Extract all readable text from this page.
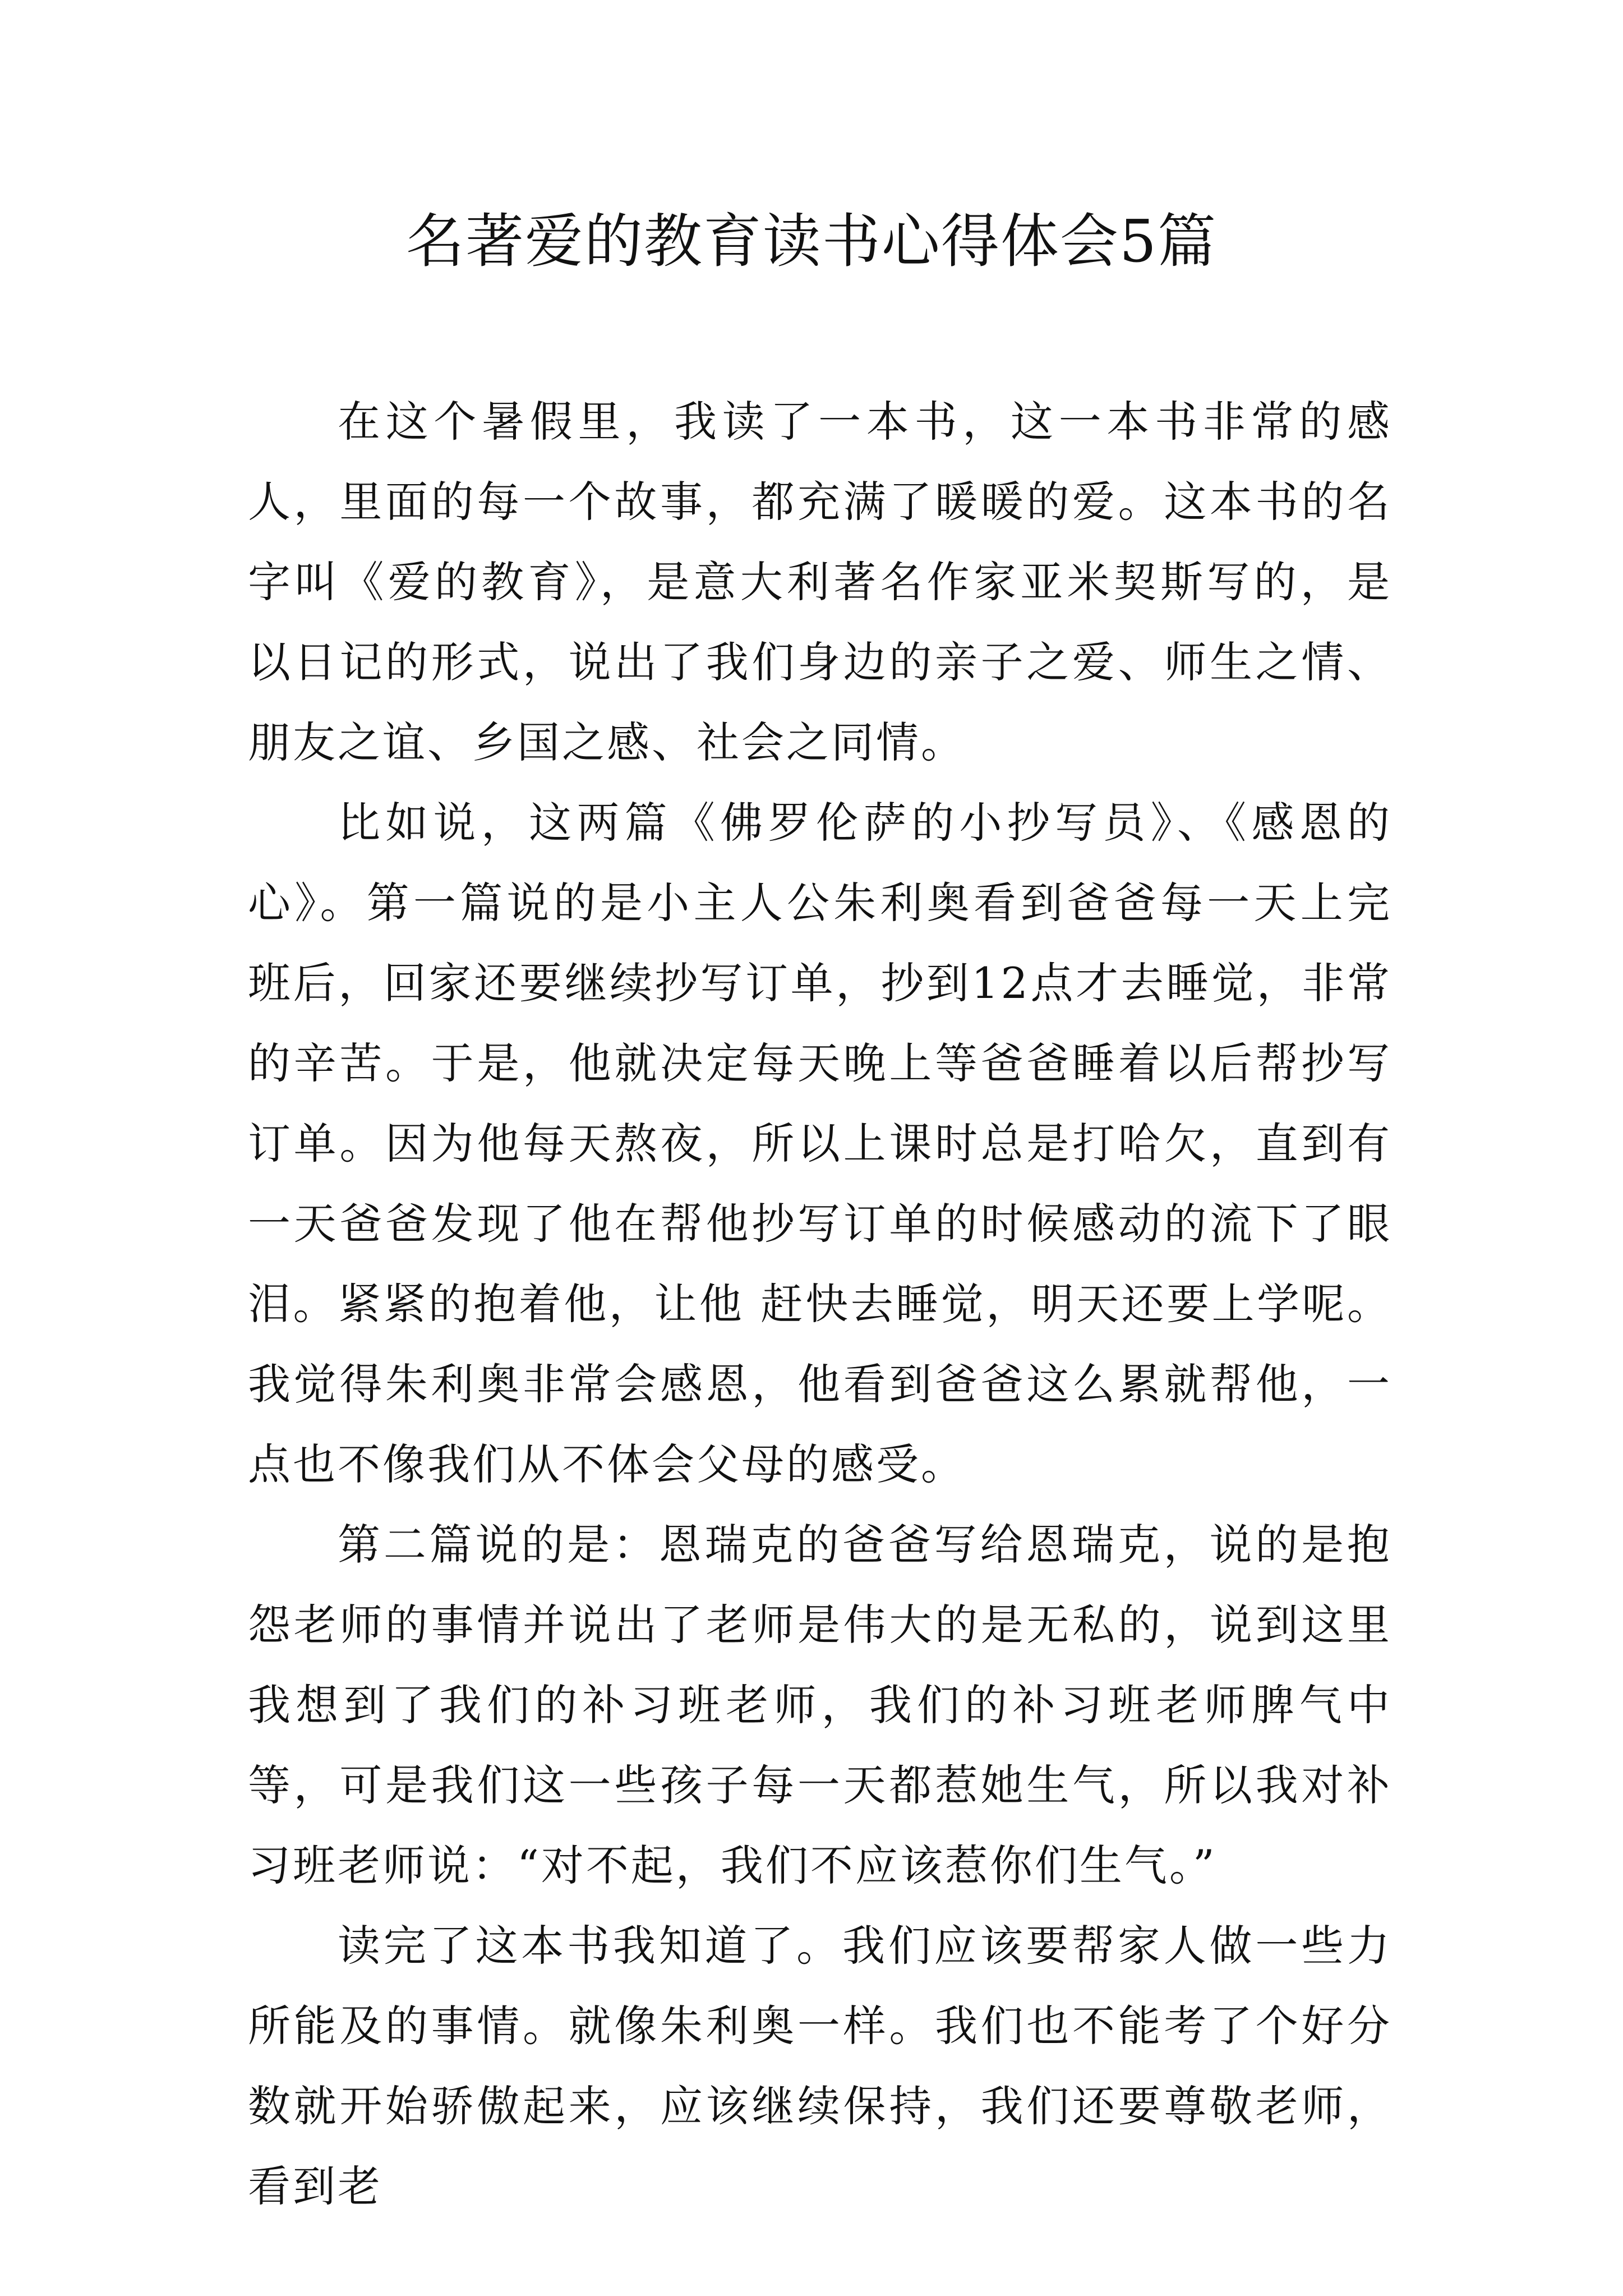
名著爱的教育读书心得体会5篇

在这个暑假里，我读了一本书，这一本书非常的感人，里面的每一个故事，都充满了暖暖的爱。这本书的名字叫《爱的教育》，是意大利著名作家亚米契斯写的，是以日记的形式，说出了我们身边的亲子之爱、师生之情、朋友之谊、乡国之感、社会之同情。

比如说，这两篇《佛罗伦萨的小抄写员》、《感恩的心》。第一篇说的是小主人公朱利奥看到爸爸每一天上完班后，回家还要继续抄写订单，抄到12点才去睡觉，非常的辛苦。于是，他就决定每天晚上等爸爸睡着以后帮抄写订单。因为他每天熬夜，所以上课时总是打哈欠，直到有一天爸爸发现了他在帮他抄写订单的时候感动的流下了眼泪。紧紧的抱着他，让他 赶快去睡觉，明天还要上学呢。我觉得朱利奥非常会感恩，他看到爸爸这么累就帮他，一点也不像我们从不体会父母的感受。

第二篇说的是：恩瑞克的爸爸写给恩瑞克，说的是抱怨老师的事情并说出了老师是伟大的是无私的，说到这里我想到了我们的补习班老师，我们的补习班老师脾气中等，可是我们这一些孩子每一天都惹她生气，所以我对补习班老师说：“对不起，我们不应该惹你们生气。”

读完了这本书我知道了。我们应该要帮家人做一些力所能及的事情。就像朱利奥一样。我们也不能考了个好分数就开始骄傲起来，应该继续保持，我们还要尊敬老师，看到老
